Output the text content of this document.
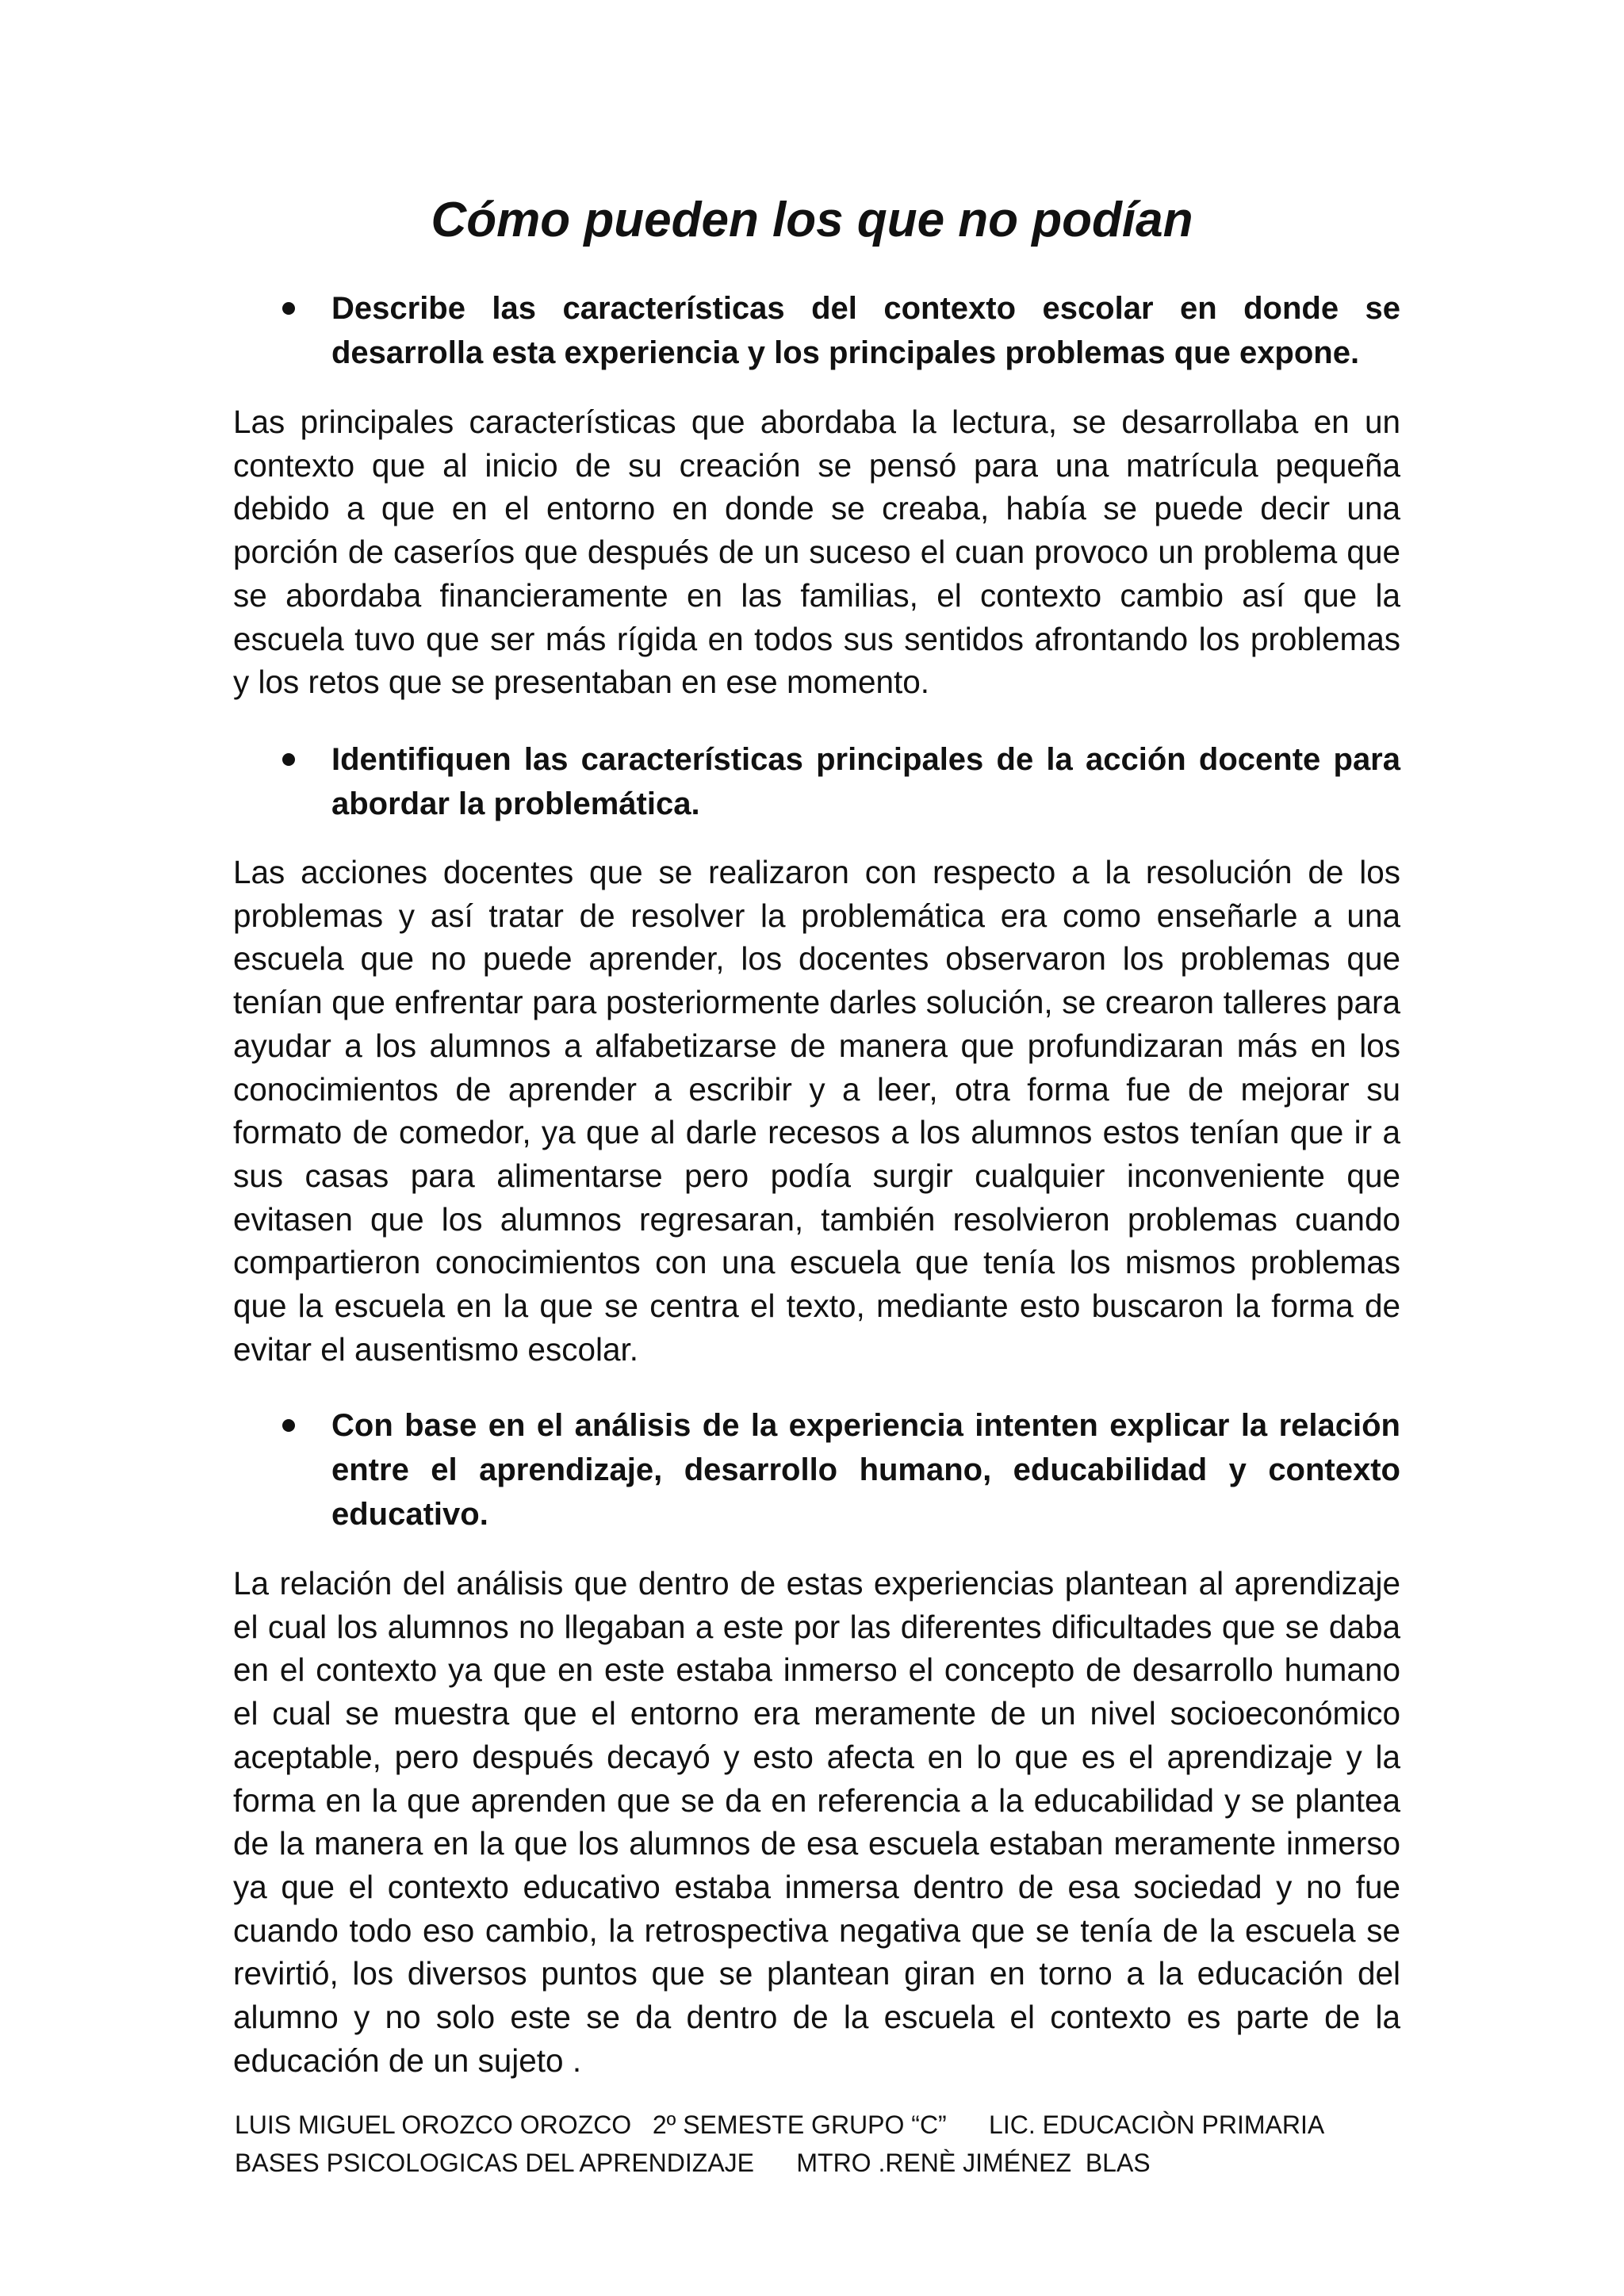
Cómo pueden los que no podían

Describe las características del contexto escolar en donde se desarrolla esta experiencia y los principales problemas que expone.

Las principales características que abordaba la lectura, se desarrollaba en un contexto que al inicio de su creación se pensó para una matrícula pequeña debido a que en el entorno en donde se creaba, había se puede decir una porción de caseríos que después de un suceso el cuan provoco un problema que se abordaba financieramente en las familias, el contexto cambio así que la escuela tuvo que ser más rígida en todos sus sentidos afrontando los problemas y los retos que se presentaban en ese momento.

Identifiquen las características principales de la acción docente para abordar la problemática.

Las acciones docentes que se realizaron con respecto a la resolución de los problemas y así tratar de resolver la problemática era como enseñarle a una escuela que no puede aprender, los docentes observaron los problemas que tenían que enfrentar para posteriormente darles solución, se crearon talleres para ayudar a los alumnos a alfabetizarse de manera que profundizaran más en los conocimientos de aprender a escribir y a leer, otra forma fue de mejorar su formato de comedor, ya que al darle recesos a los alumnos estos tenían que ir a sus casas para alimentarse pero podía surgir cualquier inconveniente que evitasen que los alumnos regresaran, también resolvieron problemas cuando compartieron conocimientos con una escuela que tenía los mismos problemas que la escuela en la que se centra el texto, mediante esto buscaron la forma de evitar el ausentismo escolar.

Con base en el análisis de la experiencia intenten explicar la relación entre el aprendizaje, desarrollo humano, educabilidad y contexto educativo.

La relación del análisis que dentro de estas experiencias plantean al aprendizaje el cual los alumnos no llegaban a este por las diferentes dificultades que se daba en el contexto ya que en este estaba inmerso el concepto de desarrollo humano el cual se muestra que el entorno era meramente de un nivel socioeconómico aceptable, pero después decayó y esto afecta en lo que es el aprendizaje y la forma en la que aprenden que se da en referencia a la educabilidad y se plantea de la manera en la que los alumnos de esa escuela estaban meramente inmerso ya que el contexto educativo estaba inmersa dentro de esa sociedad y no fue cuando todo eso cambio, la retrospectiva negativa que se tenía de la escuela se revirtió, los diversos puntos que se plantean giran en torno a la educación del alumno y no solo este se da dentro de la escuela el contexto es parte de la educación de un sujeto .

LUIS MIGUEL OROZCO OROZCO   2º SEMESTE GRUPO “C”      LIC. EDUCACIÒN PRIMARIA

BASES PSICOLOGICAS DEL APRENDIZAJE      MTRO .RENÈ JIMÉNEZ  BLAS
